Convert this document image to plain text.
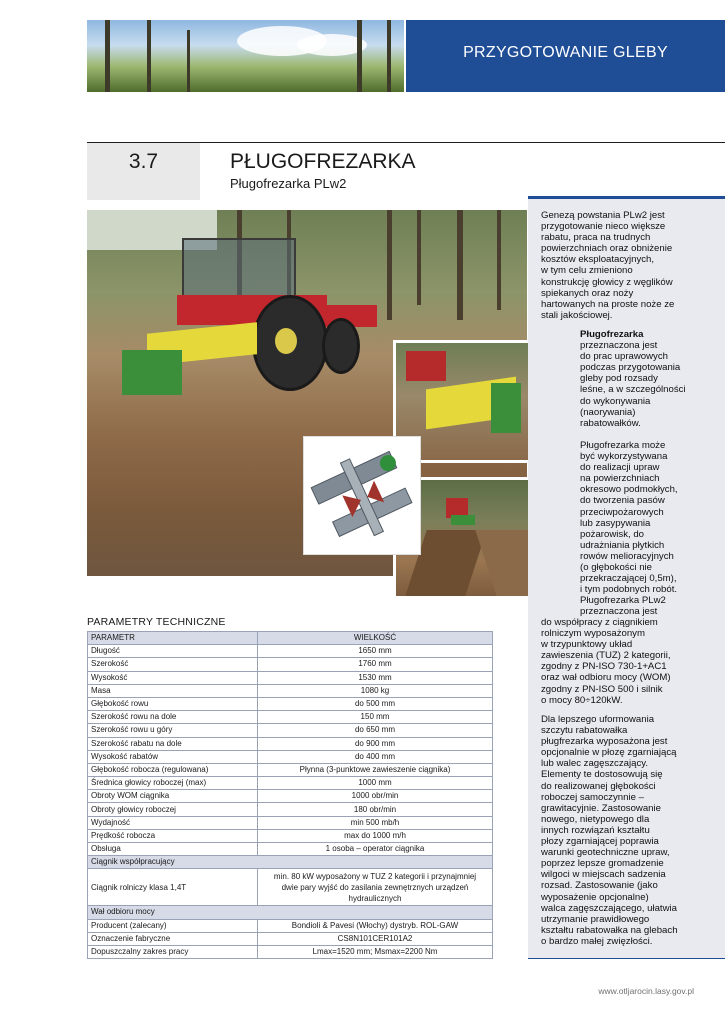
PRZYGOTOWANIE GLEBY
3.7	PŁUGOFREZARKA
Pługofrezarka PLw2
PARAMETRY TECHNICZNE
PARAMETR	WIELKOŚĆ
Długość	1650 mm
Szerokość	1760 mm
Wysokość	1530 mm
Masa	1080 kg
Głębokość rowu	do 500 mm
Szerokość rowu na dole	150 mm
Szerokość rowu u góry	do 650 mm
Szerokość rabatu na dole	do 900 mm
Wysokość rabatów	do 400 mm
Głębokość robocza (regulowana)	Płynna (3-punktowe zawieszenie ciągnika)
Średnica głowicy roboczej (max)	1000 mm
Obroty WOM ciągnika	1000 obr/min
Obroty głowicy roboczej	180 obr/min
Wydajność	min 500 mb/h
Prędkość robocza	max do 1000 m/h
Obsługa	1 osoba – operator ciągnika
Ciągnik współpracujący	
Ciągnik rolniczy klasa 1,4T	min. 80 kW wyposażony w TUZ 2 kategorii i przynajmniej
dwie pary wyjść do zasilania zewnętrznych urządzeń
hydraulicznych
Wał odbioru mocy	
Producent (zalecany)	Bondioli & Pavesi (Włochy) dystryb. ROL-GAW
Oznaczenie fabryczne	CS8N101CER101A2
Dopuszczalny zakres pracy	Lmax=1520 mm; Msmax=2200 Nm
Genezą powstania PLw2 jest
przygotowanie nieco większe
rabatu, praca na trudnych
powierzchniach oraz obniżenie
kosztów eksploatacyjnych,
w tym celu zmieniono
konstrukcję głowicy z węglików
spiekanych oraz noży
hartowanych na proste noże ze
stali jakościowej.
Pługofrezarka
przeznaczona jest
do prac uprawowych
podczas przygotowania
gleby pod rozsady
leśne, a w szczególności
do wykonywania
(naorywania)
rabatowałków.
Pługofrezarka może
być wykorzystywana
do realizacji upraw
na powierzchniach
okresowo podmokłych,
do tworzenia pasów
przeciwpożarowych
lub zasypywania
pożarowisk, do
udrażniania płytkich
rowów melioracyjnych
(o głębokości nie
przekraczającej 0,5m),
i tym podobnych robót.
Pługofrezarka PLw2
przeznaczona jest
do współpracy z ciągnikiem
rolniczym wyposażonym
w trzypunktowy układ
zawieszenia (TUZ) 2 kategorii,
zgodny z PN-ISO 730-1+AC1
oraz wał odbioru mocy (WOM)
zgodny z PN-ISO 500 i silnik
o mocy 80÷120kW.
Dla lepszego uformowania
szczytu rabatowałka
pługfrezarka wyposażona jest
opcjonalnie w płozę zgarniającą
lub walec zagęszczający.
Elementy te dostosowują się
do realizowanej głębokości
roboczej samoczynnie –
grawitacyjnie. Zastosowanie
nowego, nietypowego dla
innych rozwiązań kształtu
płozy zgarniającej poprawia
warunki geotechniczne upraw,
poprzez lepsze gromadzenie
wilgoci w miejscach sadzenia
rozsad. Zastosowanie (jako
wyposażenie opcjonalne)
walca zagęszczającego, ułatwia
utrzymanie prawidłowego
kształtu rabatowałka na glebach
o bardzo małej zwięzłości.
www.otljarocin.lasy.gov.pl
